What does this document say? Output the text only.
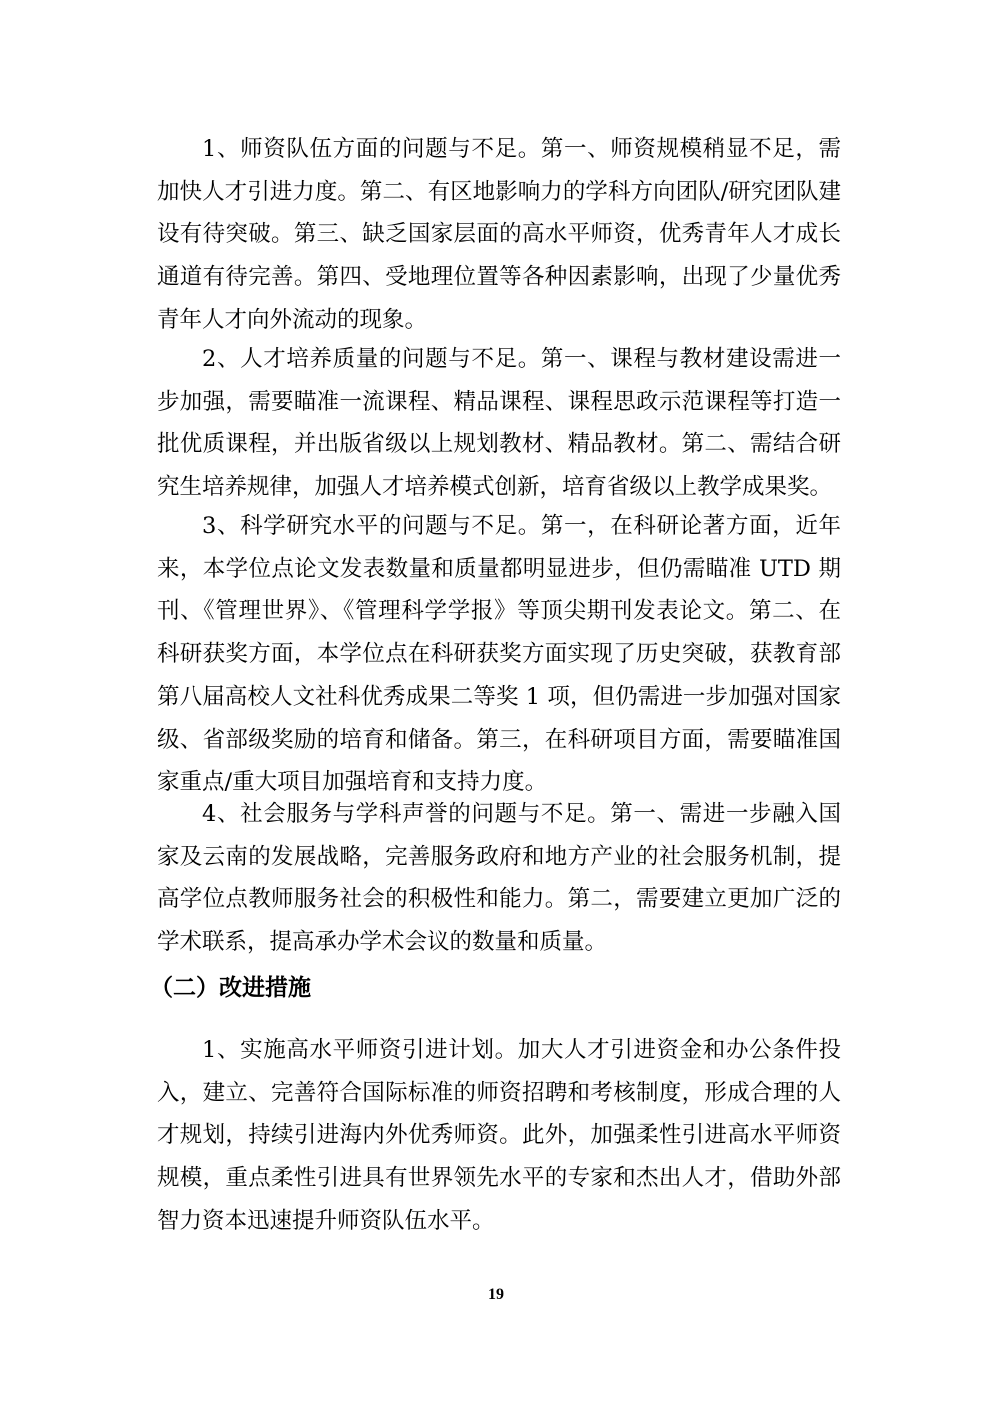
1、师资队伍方面的问题与不足。第一、师资规模稍显不足，需加快人才引进力度。第二、有区地影响力的学科方向团队/研究团队建设有待突破。第三、缺乏国家层面的高水平师资，优秀青年人才成长通道有待完善。第四、受地理位置等各种因素影响，出现了少量优秀青年人才向外流动的现象。

2、人才培养质量的问题与不足。第一、课程与教材建设需进一步加强，需要瞄准一流课程、精品课程、课程思政示范课程等打造一批优质课程，并出版省级以上规划教材、精品教材。第二、需结合研究生培养规律，加强人才培养模式创新，培育省级以上教学成果奖。

3、科学研究水平的问题与不足。第一，在科研论著方面，近年来，本学位点论文发表数量和质量都明显进步，但仍需瞄准 UTD 期刊、《管理世界》、《管理科学学报》等顶尖期刊发表论文。第二、在科研获奖方面，本学位点在科研获奖方面实现了历史突破，获教育部第八届高校人文社科优秀成果二等奖 1 项，但仍需进一步加强对国家级、省部级奖励的培育和储备。第三，在科研项目方面，需要瞄准国家重点/重大项目加强培育和支持力度。

4、社会服务与学科声誉的问题与不足。第一、需进一步融入国家及云南的发展战略，完善服务政府和地方产业的社会服务机制，提高学位点教师服务社会的积极性和能力。第二，需要建立更加广泛的学术联系，提高承办学术会议的数量和质量。

（二）改进措施

1、实施高水平师资引进计划。加大人才引进资金和办公条件投入，建立、完善符合国际标准的师资招聘和考核制度，形成合理的人才规划，持续引进海内外优秀师资。此外，加强柔性引进高水平师资规模，重点柔性引进具有世界领先水平的专家和杰出人才，借助外部智力资本迅速提升师资队伍水平。

19
